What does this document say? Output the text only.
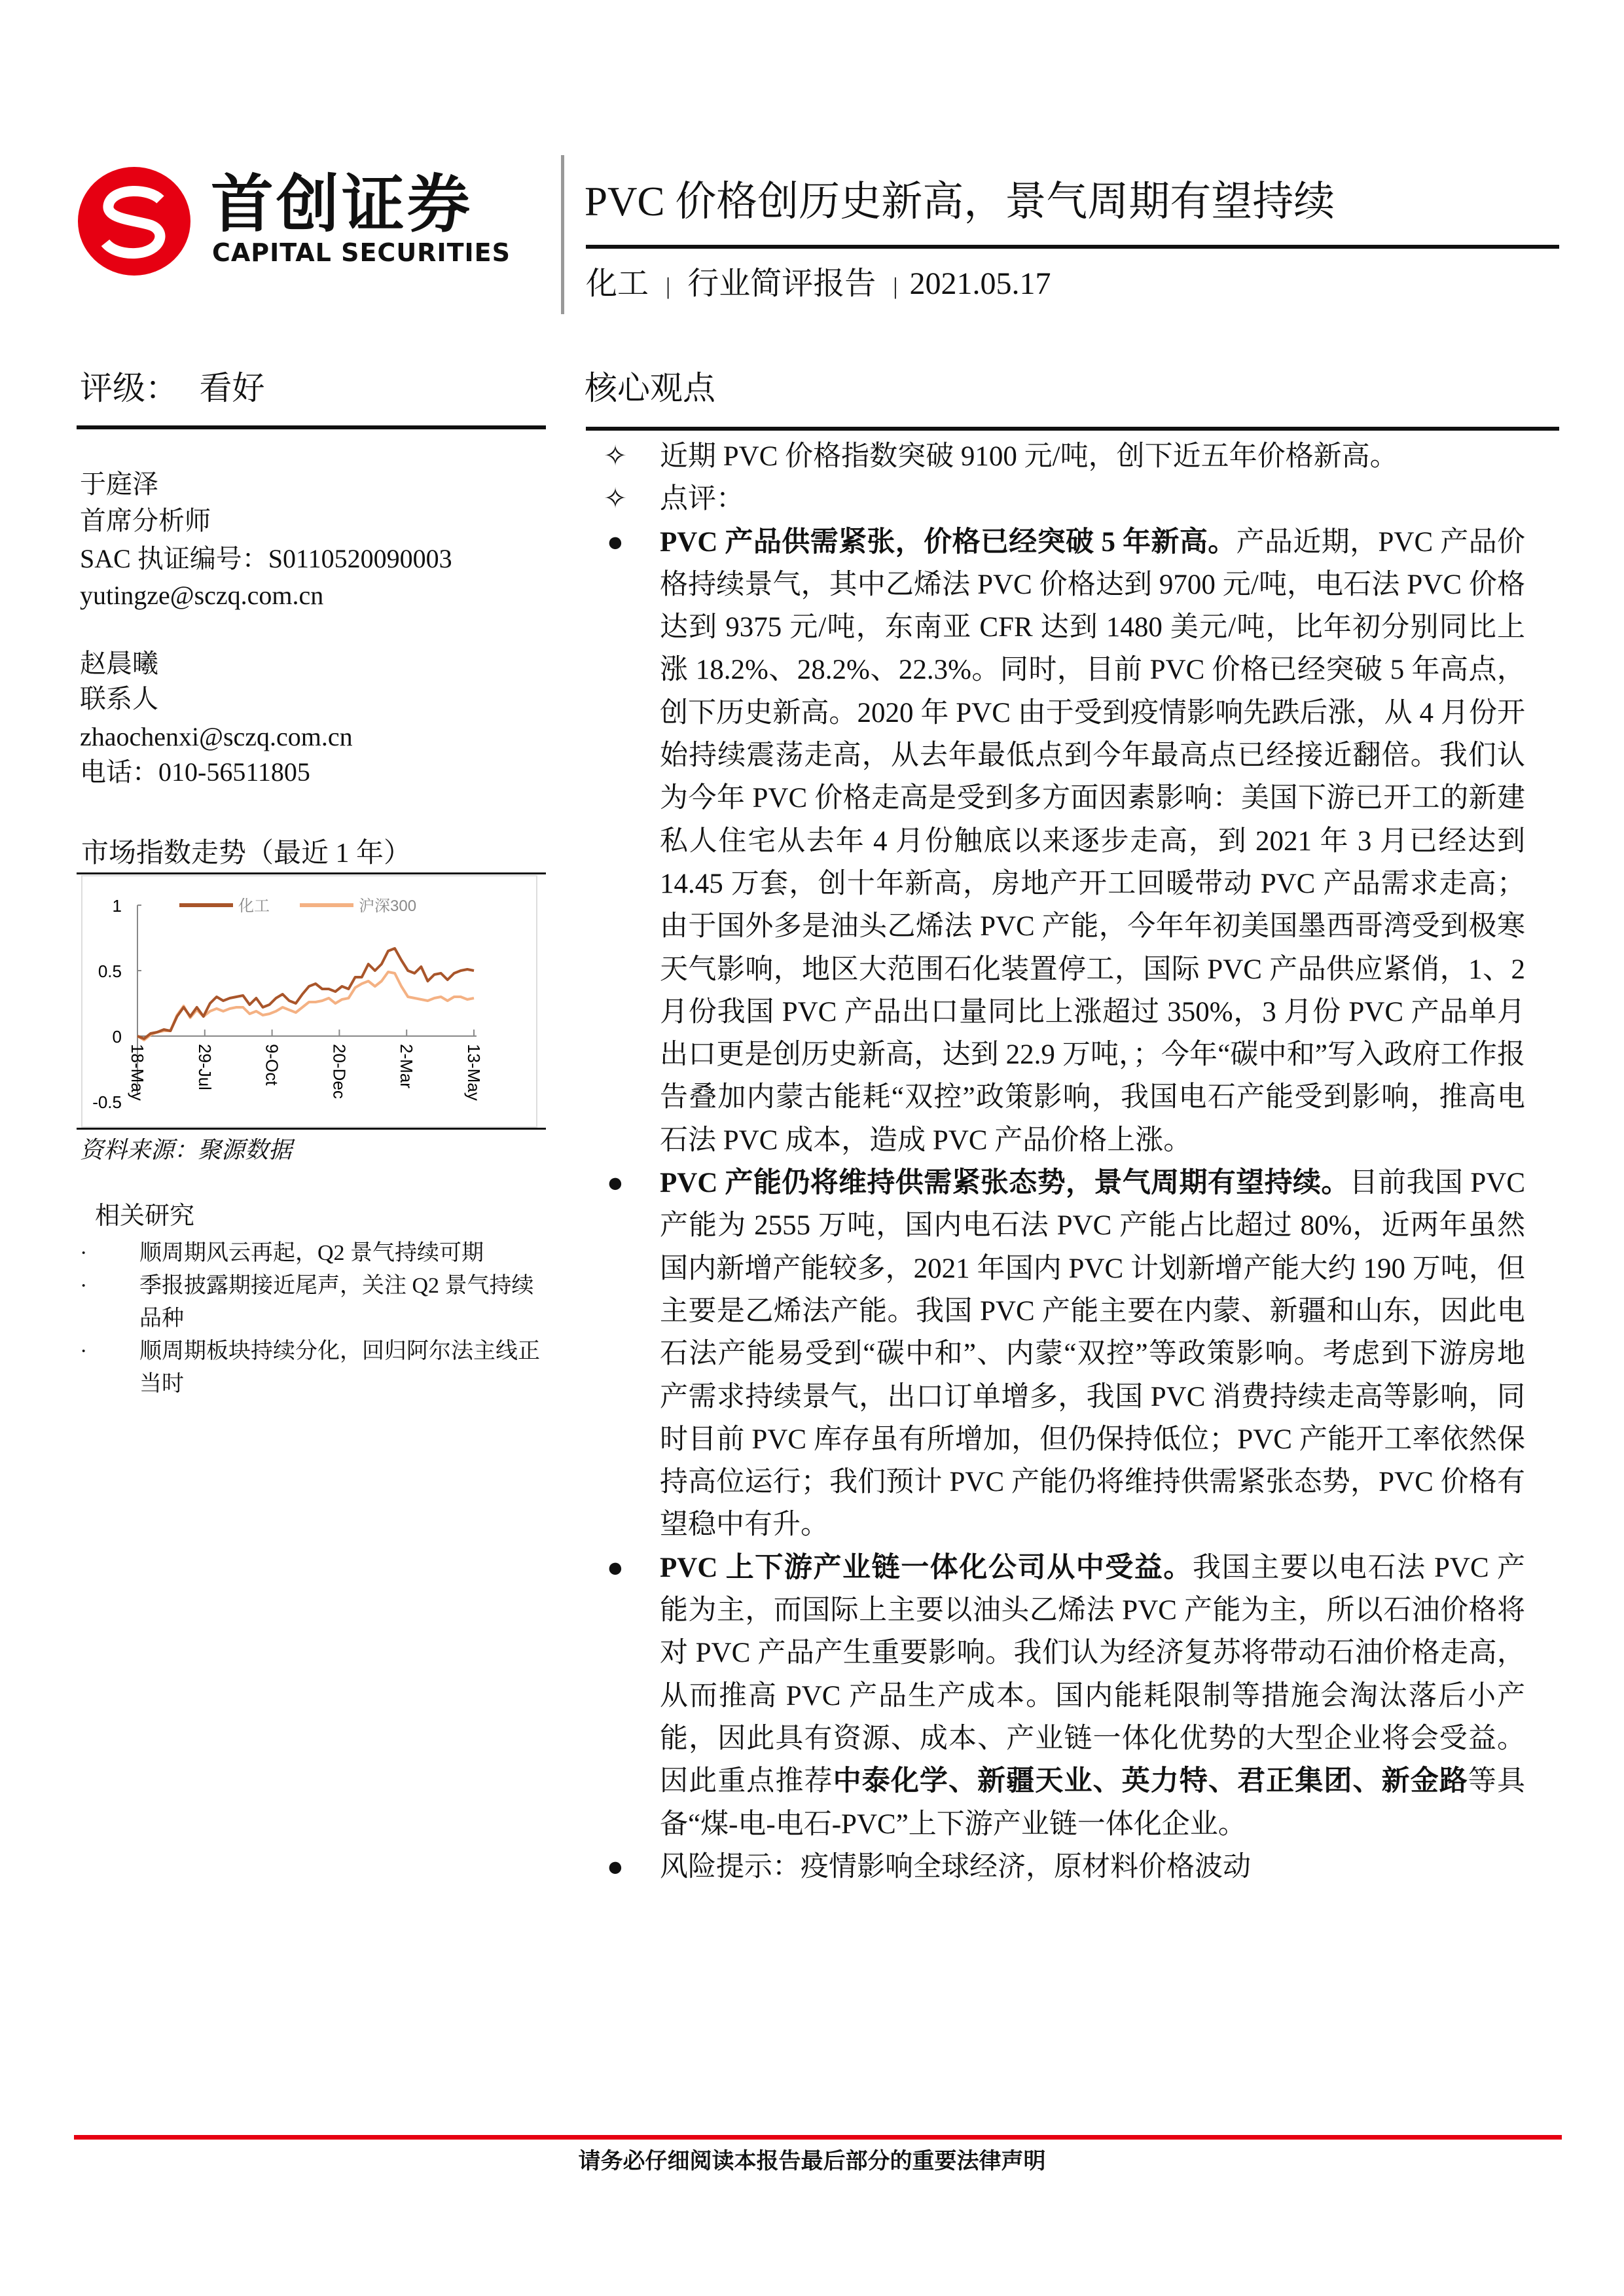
首创证券
CAPITAL SECURITIES
PVC 价格创历史新高，景气周期有望持续
化工 | 行业简评报告 | 2021.05.17
评级： 看好
于庭泽
首席分析师
SAC 执证编号：S0110520090003
yutingze@sczq.com.cn
赵晨曦
联系人
zhaochenxi@sczq.com.cn
电话：010-56511805
市场指数走势（最近 1 年）
1
0.5
0
-0.5
18-May	29-Jul	9-Oct	20-Dec	2-Mar	13-May
化工	沪深300
资料来源：聚源数据
相关研究
· 顺周期风云再起，Q2 景气持续可期
· 季报披露期接近尾声，关注 Q2 景气持续品种
· 顺周期板块持续分化，回归阿尔法主线正当时
核心观点
✧ 近期 PVC 价格指数突破 9100 元/吨，创下近五年价格新高。
✧ 点评：
● PVC 产品供需紧张，价格已经突破 5 年新高。产品近期，PVC 产品价格持续景气，其中乙烯法 PVC 价格达到 9700 元/吨，电石法 PVC 价格达到 9375 元/吨，东南亚 CFR 达到 1480 美元/吨，比年初分别同比上涨 18.2%、28.2%、22.3%。同时，目前 PVC 价格已经突破 5 年高点，创下历史新高。2020 年 PVC 由于受到疫情影响先跌后涨，从 4 月份开始持续震荡走高，从去年最低点到今年最高点已经接近翻倍。我们认为今年 PVC 价格走高是受到多方面因素影响：美国下游已开工的新建私人住宅从去年 4 月份触底以来逐步走高，到 2021 年 3 月已经达到 14.45 万套，创十年新高，房地产开工回暖带动 PVC 产品需求走高；由于国外多是油头乙烯法 PVC 产能，今年年初美国墨西哥湾受到极寒天气影响，地区大范围石化装置停工，国际 PVC 产品供应紧俏，1、2 月份我国 PVC 产品出口量同比上涨超过 350%，3 月份 PVC 产品单月出口更是创历史新高，达到 22.9 万吨，；今年“碳中和”写入政府工作报告叠加内蒙古能耗“双控”政策影响，我国电石产能受到影响，推高电石法 PVC 成本，造成 PVC 产品价格上涨。
● PVC 产能仍将维持供需紧张态势，景气周期有望持续。目前我国 PVC 产能为 2555 万吨，国内电石法 PVC 产能占比超过 80%，近两年虽然国内新增产能较多，2021 年国内 PVC 计划新增产能大约 190 万吨，但主要是乙烯法产能。我国 PVC 产能主要在内蒙、新疆和山东，因此电石法产能易受到“碳中和”、内蒙“双控”等政策影响。考虑到下游房地产需求持续景气，出口订单增多，我国 PVC 消费持续走高等影响，同时目前 PVC 库存虽有所增加，但仍保持低位；PVC 产能开工率依然保持高位运行；我们预计 PVC 产能仍将维持供需紧张态势，PVC 价格有望稳中有升。
● PVC 上下游产业链一体化公司从中受益。我国主要以电石法 PVC 产能为主，而国际上主要以油头乙烯法 PVC 产能为主，所以石油价格将对 PVC 产品产生重要影响。我们认为经济复苏将带动石油价格走高，从而推高 PVC 产品生产成本。国内能耗限制等措施会淘汰落后小产能，因此具有资源、成本、产业链一体化优势的大型企业将会受益。因此重点推荐中泰化学、新疆天业、英力特、君正集团、新金路等具备“煤-电-电石-PVC”上下游产业链一体化企业。
● 风险提示：疫情影响全球经济，原材料价格波动
请务必仔细阅读本报告最后部分的重要法律声明
